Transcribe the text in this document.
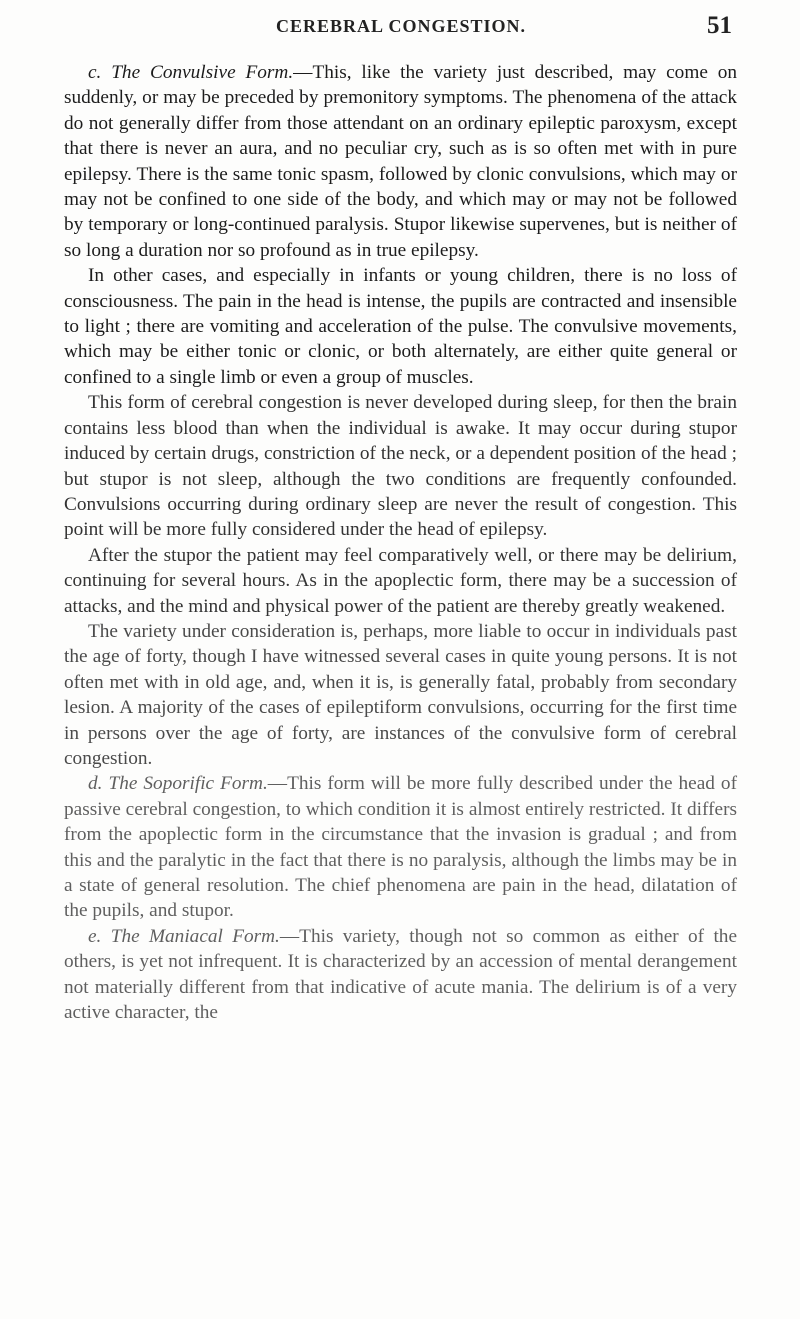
CEREBRAL CONGESTION.	51

c. The Convulsive Form.—This, like the variety just described, may come on suddenly, or may be preceded by premonitory symptoms. The phenomena of the attack do not generally differ from those attendant on an ordinary epileptic paroxysm, except that there is never an aura, and no peculiar cry, such as is so often met with in pure epilepsy. There is the same tonic spasm, followed by clonic convulsions, which may or may not be confined to one side of the body, and which may or may not be followed by temporary or long-continued paralysis. Stupor likewise supervenes, but is neither of so long a duration nor so profound as in true epilepsy.

In other cases, and especially in infants or young children, there is no loss of consciousness. The pain in the head is intense, the pupils are contracted and insensible to light ; there are vomiting and acceleration of the pulse. The convulsive movements, which may be either tonic or clonic, or both alternately, are either quite general or confined to a single limb or even a group of muscles.

This form of cerebral congestion is never developed during sleep, for then the brain contains less blood than when the individual is awake. It may occur during stupor induced by certain drugs, constriction of the neck, or a dependent position of the head ; but stupor is not sleep, although the two conditions are frequently confounded. Convulsions occurring during ordinary sleep are never the result of congestion. This point will be more fully considered under the head of epilepsy.

After the stupor the patient may feel comparatively well, or there may be delirium, continuing for several hours. As in the apoplectic form, there may be a succession of attacks, and the mind and physical power of the patient are thereby greatly weakened.

The variety under consideration is, perhaps, more liable to occur in individuals past the age of forty, though I have witnessed several cases in quite young persons. It is not often met with in old age, and, when it is, is generally fatal, probably from secondary lesion. A majority of the cases of epileptiform convulsions, occurring for the first time in persons over the age of forty, are instances of the convulsive form of cerebral congestion.

d. The Soporific Form.—This form will be more fully described under the head of passive cerebral congestion, to which condition it is almost entirely restricted. It differs from the apoplectic form in the circumstance that the invasion is gradual ; and from this and the paralytic in the fact that there is no paralysis, although the limbs may be in a state of general resolution. The chief phenomena are pain in the head, dilatation of the pupils, and stupor.

e. The Maniacal Form.—This variety, though not so common as either of the others, is yet not infrequent. It is characterized by an accession of mental derangement not materially different from that indicative of acute mania. The delirium is of a very active character, the
